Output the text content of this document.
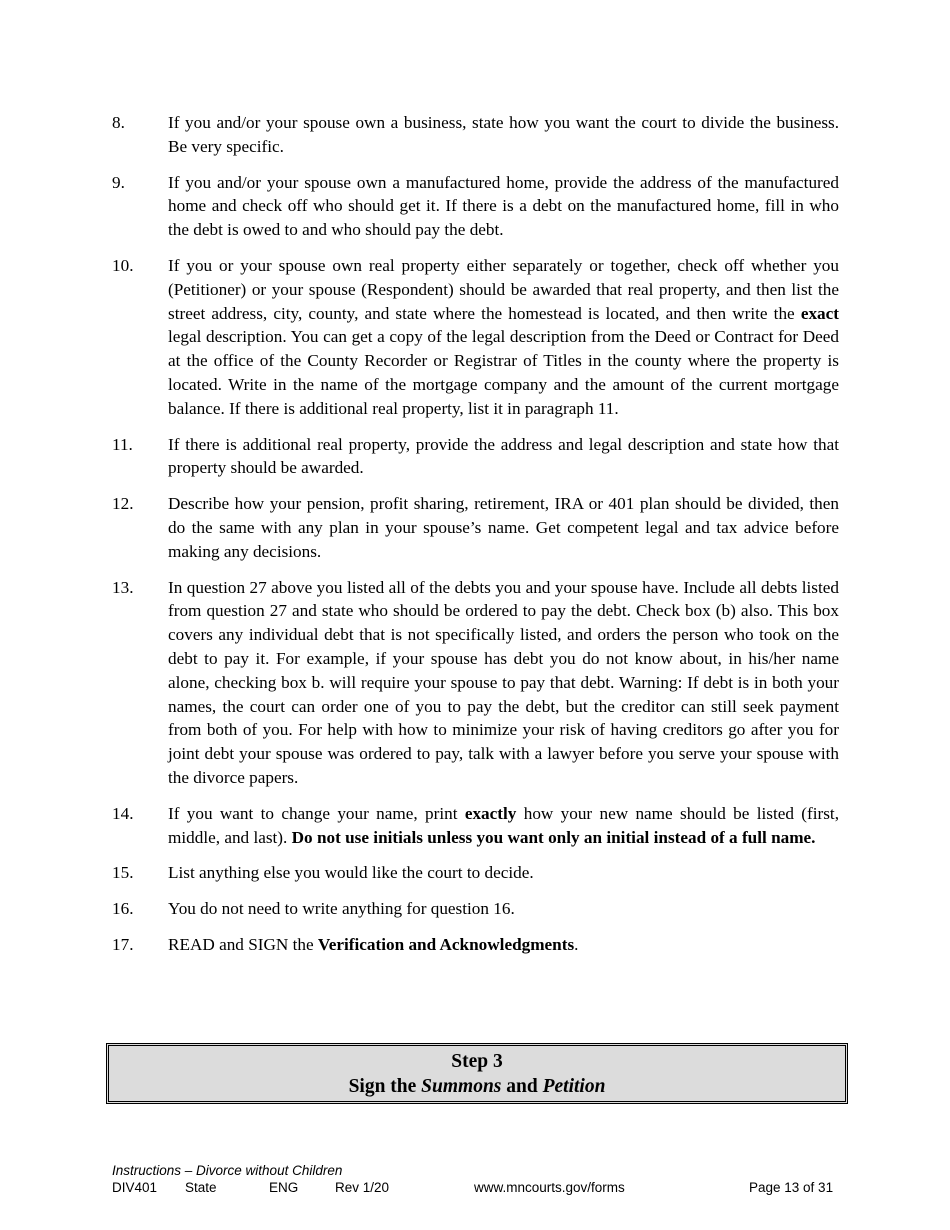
8.	If you and/or your spouse own a business, state how you want the court to divide the business. Be very specific.
9.	If you and/or your spouse own a manufactured home, provide the address of the manufactured home and check off who should get it. If there is a debt on the manufactured home, fill in who the debt is owed to and who should pay the debt.
10.	If you or your spouse own real property either separately or together, check off whether you (Petitioner) or your spouse (Respondent) should be awarded that real property, and then list the street address, city, county, and state where the homestead is located, and then write the exact legal description. You can get a copy of the legal description from the Deed or Contract for Deed at the office of the County Recorder or Registrar of Titles in the county where the property is located. Write in the name of the mortgage company and the amount of the current mortgage balance. If there is additional real property, list it in paragraph 11.
11.	If there is additional real property, provide the address and legal description and state how that property should be awarded.
12.	Describe how your pension, profit sharing, retirement, IRA or 401 plan should be divided, then do the same with any plan in your spouse’s name. Get competent legal and tax advice before making any decisions.
13.	In question 27 above you listed all of the debts you and your spouse have. Include all debts listed from question 27 and state who should be ordered to pay the debt. Check box (b) also. This box covers any individual debt that is not specifically listed, and orders the person who took on the debt to pay it. For example, if your spouse has debt you do not know about, in his/her name alone, checking box b. will require your spouse to pay that debt. Warning: If debt is in both your names, the court can order one of you to pay the debt, but the creditor can still seek payment from both of you. For help with how to minimize your risk of having creditors go after you for joint debt your spouse was ordered to pay, talk with a lawyer before you serve your spouse with the divorce papers.
14.	If you want to change your name, print exactly how your new name should be listed (first, middle, and last). Do not use initials unless you want only an initial instead of a full name.
15.	List anything else you would like the court to decide.
16.	You do not need to write anything for question 16.
17.	READ and SIGN the Verification and Acknowledgments.
Step 3
Sign the Summons and Petition
Instructions – Divorce without Children
DIV401 State	ENG	Rev 1/20	www.mncourts.gov/forms	Page 13 of 31
